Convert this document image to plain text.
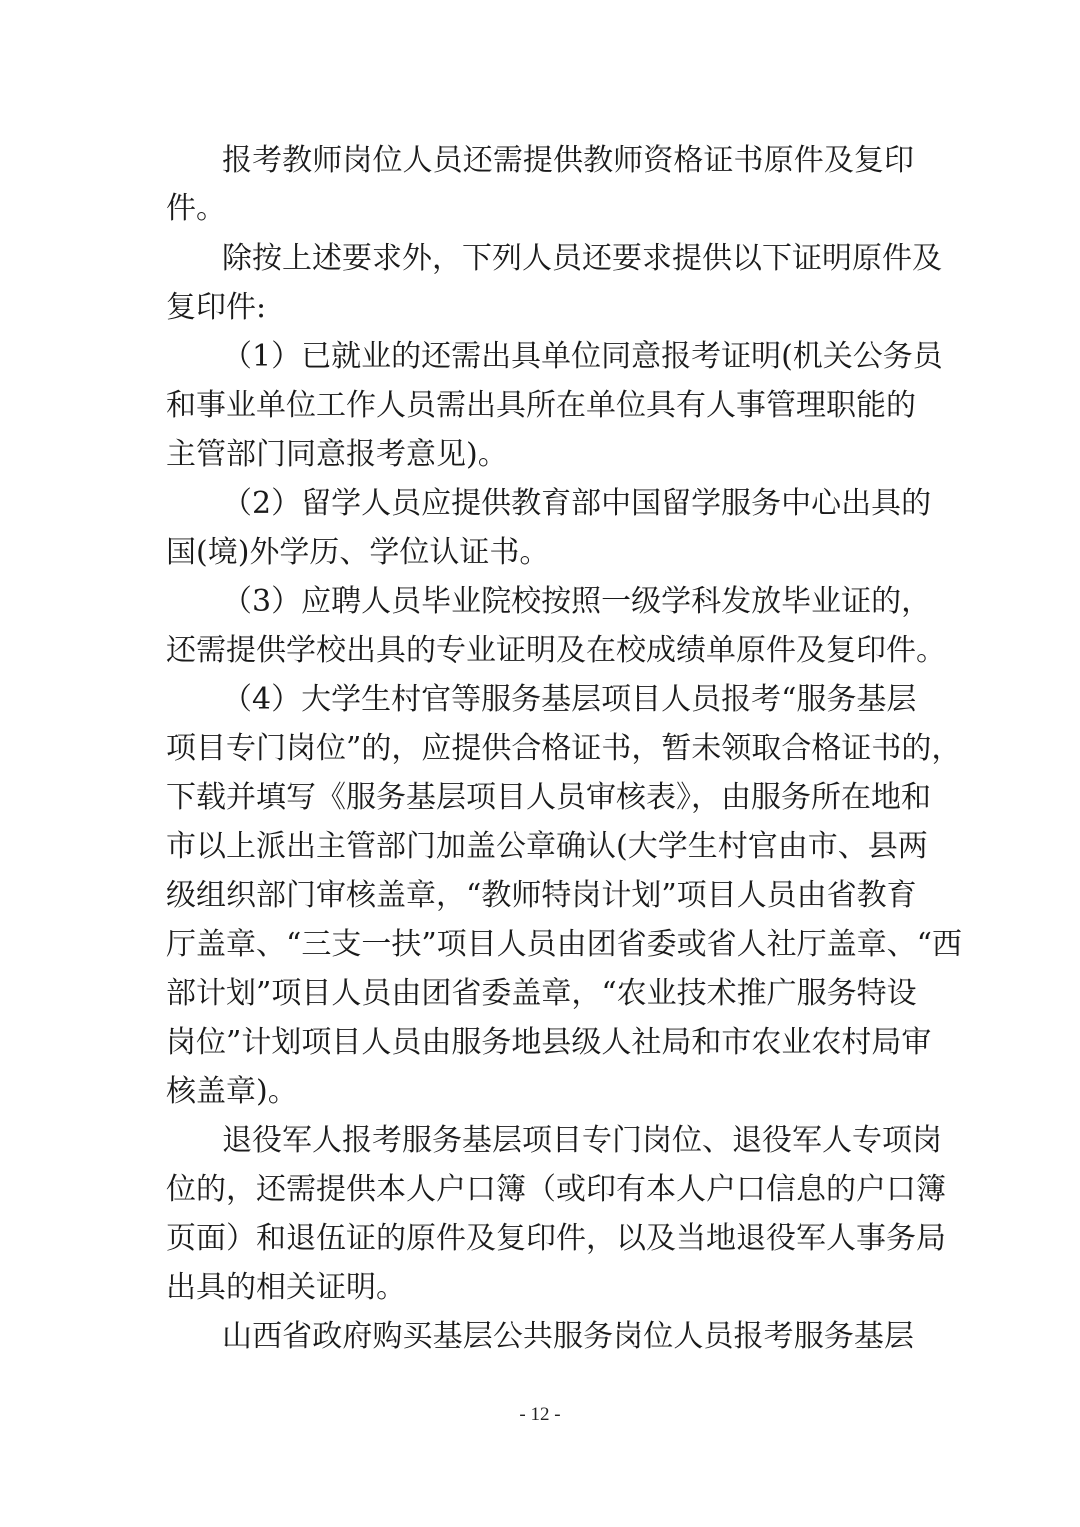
报考教师岗位人员还需提供教师资格证书原件及复印

件。

除按上述要求外，下列人员还要求提供以下证明原件及

复印件:

（1）已就业的还需出具单位同意报考证明(机关公务员

和事业单位工作人员需出具所在单位具有人事管理职能的

主管部门同意报考意见)。

（2）留学人员应提供教育部中国留学服务中心出具的

国(境)外学历、学位认证书。

（3）应聘人员毕业院校按照一级学科发放毕业证的，

还需提供学校出具的专业证明及在校成绩单原件及复印件。

（4）大学生村官等服务基层项目人员报考“服务基层

项目专门岗位”的，应提供合格证书，暂未领取合格证书的，

下载并填写《服务基层项目人员审核表》，由服务所在地和

市以上派出主管部门加盖公章确认(大学生村官由市、县两

级组织部门审核盖章，“教师特岗计划”项目人员由省教育

厅盖章、“三支一扶”项目人员由团省委或省人社厅盖章、“西

部计划”项目人员由团省委盖章，“农业技术推广服务特设

岗位”计划项目人员由服务地县级人社局和市农业农村局审

核盖章)。

退役军人报考服务基层项目专门岗位、退役军人专项岗

位的，还需提供本人户口簿（或印有本人户口信息的户口簿

页面）和退伍证的原件及复印件，以及当地退役军人事务局

出具的相关证明。

山西省政府购买基层公共服务岗位人员报考服务基层

- 12 -
